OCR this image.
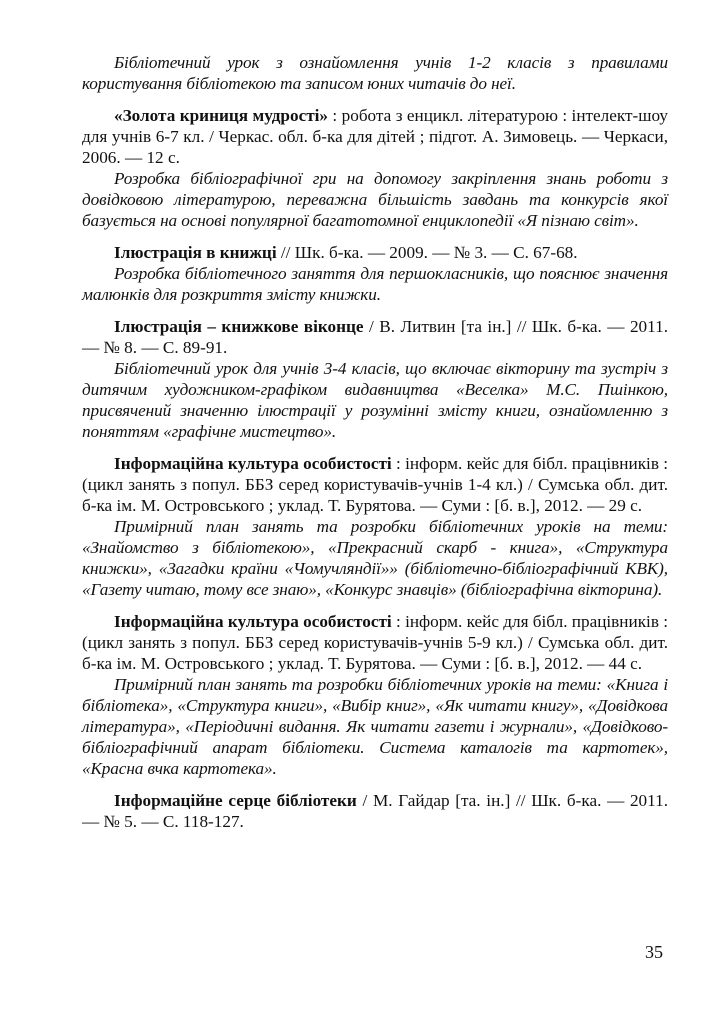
Бібліотечний урок з ознайомлення учнів 1-2 класів з правилами користування бібліотекою та записом юних читачів до неї.

«Золота криниця мудрості» : робота з енцикл. літературою : інтелект-шоу для учнів 6-7 кл. / Черкас. обл. б-ка для дітей ; підгот. А. Зимовець. — Черкаси, 2006. — 12 с.

Розробка бібліографічної гри на допомогу закріплення знань роботи з довідковою літературою, переважна більшість завдань та конкурсів якої базується на основі популярної багатотомної енциклопедії «Я пізнаю світ».

Ілюстрація в книжці // Шк. б-ка. — 2009. — № 3. — С. 67-68.

Розробка бібліотечного заняття для першокласників, що пояснює значення малюнків для розкриття змісту книжки.

Ілюстрація – книжкове віконце / В. Литвин [та ін.] // Шк. б-ка. — 2011. — № 8. — С. 89-91.

Бібліотечний урок для учнів 3-4 класів, що включає вікторину та зустріч з дитячим художником-графіком видавництва «Веселка» М.С. Пшінкою, присвячений значенню ілюстрації у розумінні змісту книги, ознайомленню з поняттям «графічне мистецтво».

Інформаційна культура особистості : інформ. кейс для бібл. працівників : (цикл занять з попул. ББЗ серед користувачів-учнів 1-4 кл.) / Сумська обл. дит. б-ка ім. М. Островського ; уклад. Т. Бурятова. — Суми : [б. в.], 2012. — 29 с.

Примірний план занять та розробки бібліотечних уроків на теми: «Знайомство з бібліотекою», «Прекрасний скарб - книга», «Структура книжки», «Загадки країни «Чомучляндії»» (бібліотечно-бібліографічний КВК), «Газету читаю, тому все знаю», «Конкурс знавців» (бібліографічна вікторина).

Інформаційна культура особистості : інформ. кейс для бібл. працівників : (цикл занять з попул. ББЗ серед користувачів-учнів 5-9 кл.) / Сумська обл. дит. б-ка ім. М. Островського ; уклад. Т. Бурятова. — Суми : [б. в.], 2012. — 44 с.

Примірний план занять та розробки бібліотечних уроків на теми: «Книга і бібліотека», «Структура книги», «Вибір книг», «Як читати книгу», «Довідкова література», «Періодичні видання. Як читати газети і журнали», «Довідково-бібліографічний апарат бібліотеки. Система каталогів та картотек», «Красна вчка картотека».

Інформаційне серце бібліотеки / М. Гайдар [та. ін.] // Шк. б-ка. — 2011. — № 5. — С. 118-127.

35
